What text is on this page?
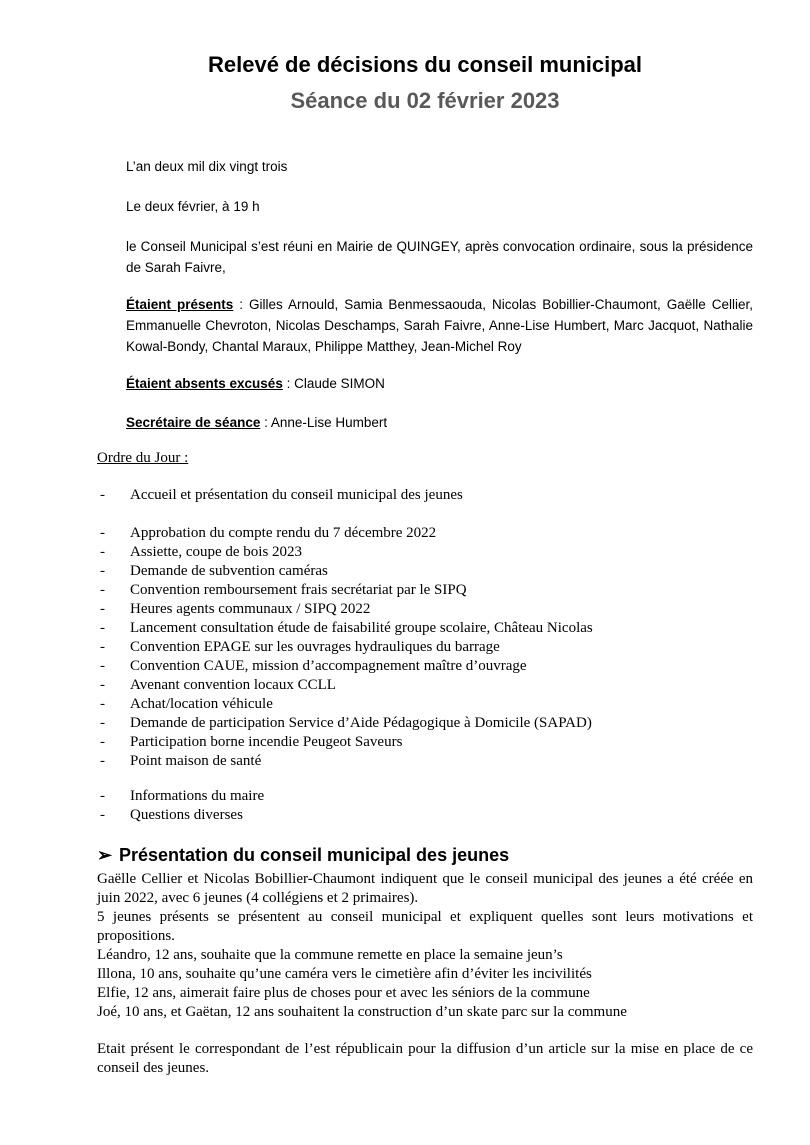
Relevé de décisions du conseil municipal
Séance du 02 février 2023
L’an deux mil dix vingt trois
Le deux février, à 19 h
le Conseil Municipal s’est réuni en Mairie de QUINGEY, après convocation ordinaire, sous la présidence de Sarah Faivre,
Étaient présents : Gilles Arnould, Samia Benmessaouda, Nicolas Bobillier-Chaumont, Gaëlle Cellier, Emmanuelle Chevroton, Nicolas Deschamps, Sarah Faivre, Anne-Lise Humbert, Marc Jacquot, Nathalie Kowal-Bondy, Chantal Maraux, Philippe Matthey, Jean-Michel Roy
Étaient absents excusés : Claude SIMON
Secrétaire de séance : Anne-Lise Humbert
Ordre du Jour :
- Accueil et présentation du conseil municipal des jeunes
- Approbation du compte rendu du 7 décembre 2022
- Assiette, coupe de bois 2023
- Demande de subvention caméras
- Convention remboursement frais secrétariat par le SIPQ
- Heures agents communaux / SIPQ 2022
- Lancement consultation étude de faisabilité groupe scolaire, Château Nicolas
- Convention EPAGE sur les ouvrages hydrauliques du barrage
- Convention CAUE, mission d’accompagnement maître d’ouvrage
- Avenant convention locaux CCLL
- Achat/location véhicule
- Demande de participation Service d’Aide Pédagogique à Domicile (SAPAD)
- Participation borne incendie Peugeot Saveurs
- Point maison de santé
- Informations du maire
- Questions diverses
➢ Présentation du conseil municipal des jeunes

Gaëlle Cellier et Nicolas Bobillier-Chaumont indiquent que le conseil municipal des jeunes a été créée en juin 2022, avec 6 jeunes (4 collégiens et 2 primaires).

5 jeunes présents se présentent au conseil municipal et expliquent quelles sont leurs motivations et propositions.

Léandro, 12 ans, souhaite que la commune remette en place la semaine jeun’s

Illona, 10 ans, souhaite qu’une caméra vers le cimetière afin d’éviter les incivilités

Elfie, 12 ans, aimerait faire plus de choses pour et avec les séniors de la commune

Joé, 10 ans, et Gaëtan, 12 ans souhaitent la construction d’un skate parc sur la commune

Etait présent le correspondant de l’est républicain pour la diffusion d’un article sur la mise en place de ce conseil des jeunes.
